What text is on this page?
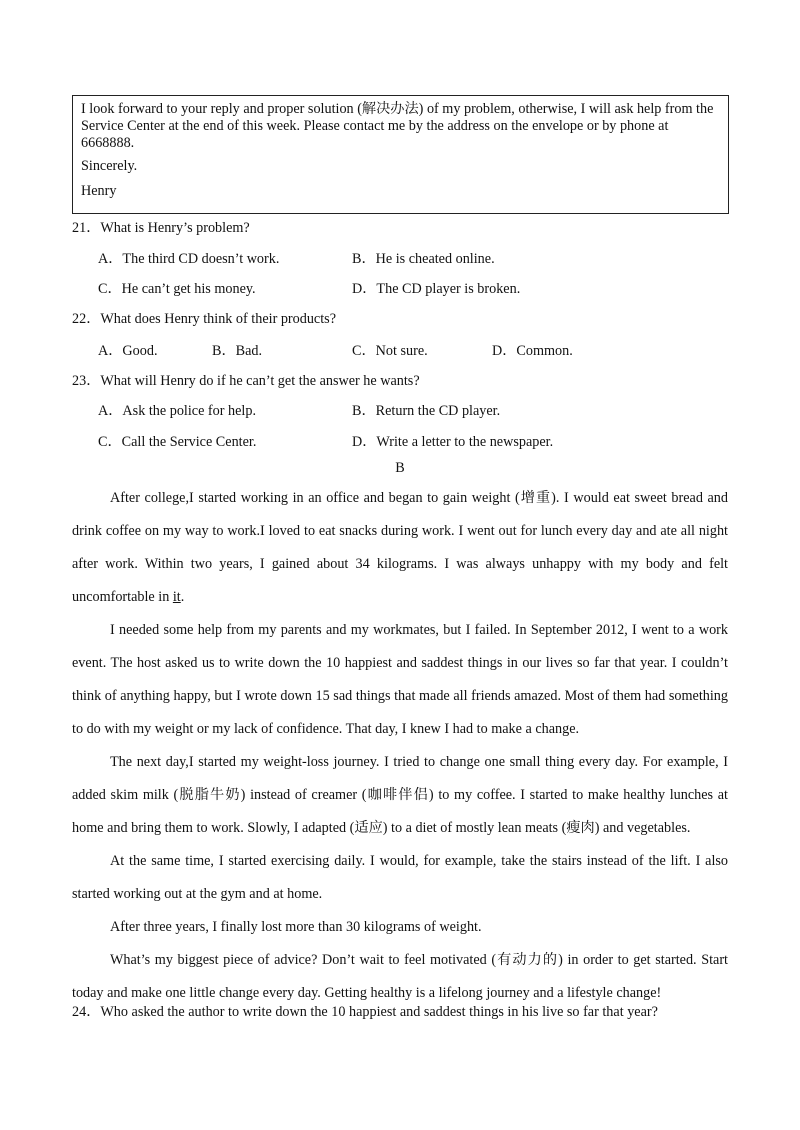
I look forward to your reply and proper solution (解决办法) of my problem, otherwise, I will ask help from the Service Center at the end of this week. Please contact me by the address on the envelope or by phone at 6668888.

Sincerely.

Henry

21．What is Henry’s problem?
A．The third CD doesn’t work.	B．He is cheated online.
C．He can’t get his money.	D．The CD player is broken.
22．What does Henry think of their products?
A．Good.	B．Bad.	C．Not sure.	D．Common.
23．What will Henry do if he can’t get the answer he wants?
A．Ask the police for help.	B．Return the CD player.
C．Call the Service Center.	D．Write a letter to the newspaper.
B

After college,I started working in an office and began to gain weight (增重). I would eat sweet bread and drink coffee on my way to work.I loved to eat snacks during work. I went out for lunch every day and ate all night after work. Within two years, I gained about 34 kilograms. I was always unhappy with my body and felt uncomfortable in it.

I needed some help from my parents and my workmates, but I failed. In September 2012, I went to a work event. The host asked us to write down the 10 happiest and saddest things in our lives so far that year. I couldn’t think of anything happy, but I wrote down 15 sad things that made all friends amazed. Most of them had something to do with my weight or my lack of confidence. That day, I knew I had to make a change.

The next day,I started my weight-loss journey. I tried to change one small thing every day. For example, I added skim milk (脱脂牛奶) instead of creamer (咖啡伴侣) to my coffee. I started to make healthy lunches at home and bring them to work. Slowly, I adapted (适应) to a diet of mostly lean meats (瘦肉) and vegetables.

At the same time, I started exercising daily. I would, for example, take the stairs instead of the lift. I also started working out at the gym and at home.

After three years, I finally lost more than 30 kilograms of weight.

What’s my biggest piece of advice? Don’t wait to feel motivated (有动力的) in order to get started. Start today and make one little change every day. Getting healthy is a lifelong journey and a lifestyle change!

24．Who asked the author to write down the 10 happiest and saddest things in his live so far that year?
